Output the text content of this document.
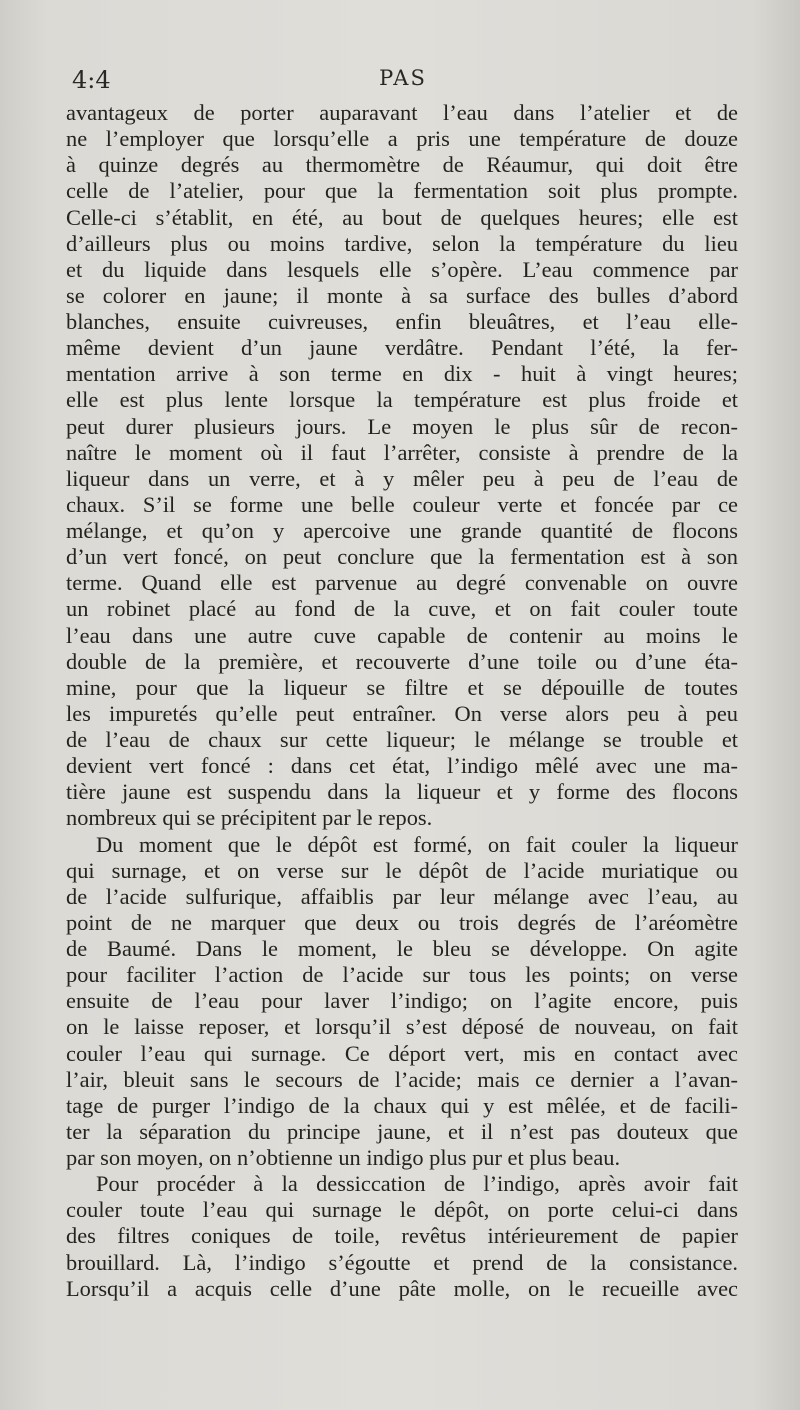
4:4	PAS
avantageux de porter auparavant l’eau dans l’atelier et de
ne l’employer que lorsqu’elle a pris une température de douze
à quinze degrés au thermomètre de Réaumur, qui doit être
celle de l’atelier, pour que la fermentation soit plus prompte.
Celle-ci s’établit, en été, au bout de quelques heures; elle est
d’ailleurs plus ou moins tardive, selon la température du lieu
et du liquide dans lesquels elle s’opère. L’eau commence par
se colorer en jaune; il monte à sa surface des bulles d’abord
blanches, ensuite cuivreuses, enfin bleuâtres, et l’eau elle-
même devient d’un jaune verdâtre. Pendant l’été, la fer-
mentation arrive à son terme en dix - huit à vingt heures;
elle est plus lente lorsque la température est plus froide et
peut durer plusieurs jours. Le moyen le plus sûr de recon-
naître le moment où il faut l’arrêter, consiste à prendre de la
liqueur dans un verre, et à y mêler peu à peu de l’eau de
chaux. S’il se forme une belle couleur verte et foncée par ce
mélange, et qu’on y apercoive une grande quantité de flocons
d’un vert foncé, on peut conclure que la fermentation est à son
terme. Quand elle est parvenue au degré convenable on ouvre
un robinet placé au fond de la cuve, et on fait couler toute
l’eau dans une autre cuve capable de contenir au moins le
double de la première, et recouverte d’une toile ou d’une éta-
mine, pour que la liqueur se filtre et se dépouille de toutes
les impuretés qu’elle peut entraîner. On verse alors peu à peu
de l’eau de chaux sur cette liqueur; le mélange se trouble et
devient vert foncé : dans cet état, l’indigo mêlé avec une ma-
tière jaune est suspendu dans la liqueur et y forme des flocons
nombreux qui se précipitent par le repos.
Du moment que le dépôt est formé, on fait couler la liqueur
qui surnage, et on verse sur le dépôt de l’acide muriatique ou
de l’acide sulfurique, affaiblis par leur mélange avec l’eau, au
point de ne marquer que deux ou trois degrés de l’aréomètre
de Baumé. Dans le moment, le bleu se développe. On agite
pour faciliter l’action de l’acide sur tous les points; on verse
ensuite de l’eau pour laver l’indigo; on l’agite encore, puis
on le laisse reposer, et lorsqu’il s’est déposé de nouveau, on fait
couler l’eau qui surnage. Ce déport vert, mis en contact avec
l’air, bleuit sans le secours de l’acide; mais ce dernier a l’avan-
tage de purger l’indigo de la chaux qui y est mêlée, et de facili-
ter la séparation du principe jaune, et il n’est pas douteux que
par son moyen, on n’obtienne un indigo plus pur et plus beau.
Pour procéder à la dessiccation de l’indigo, après avoir fait
couler toute l’eau qui surnage le dépôt, on porte celui-ci dans
des filtres coniques de toile, revêtus intérieurement de papier
brouillard. Là, l’indigo s’égoutte et prend de la consistance.
Lorsqu’il a acquis celle d’une pâte molle, on le recueille avec
